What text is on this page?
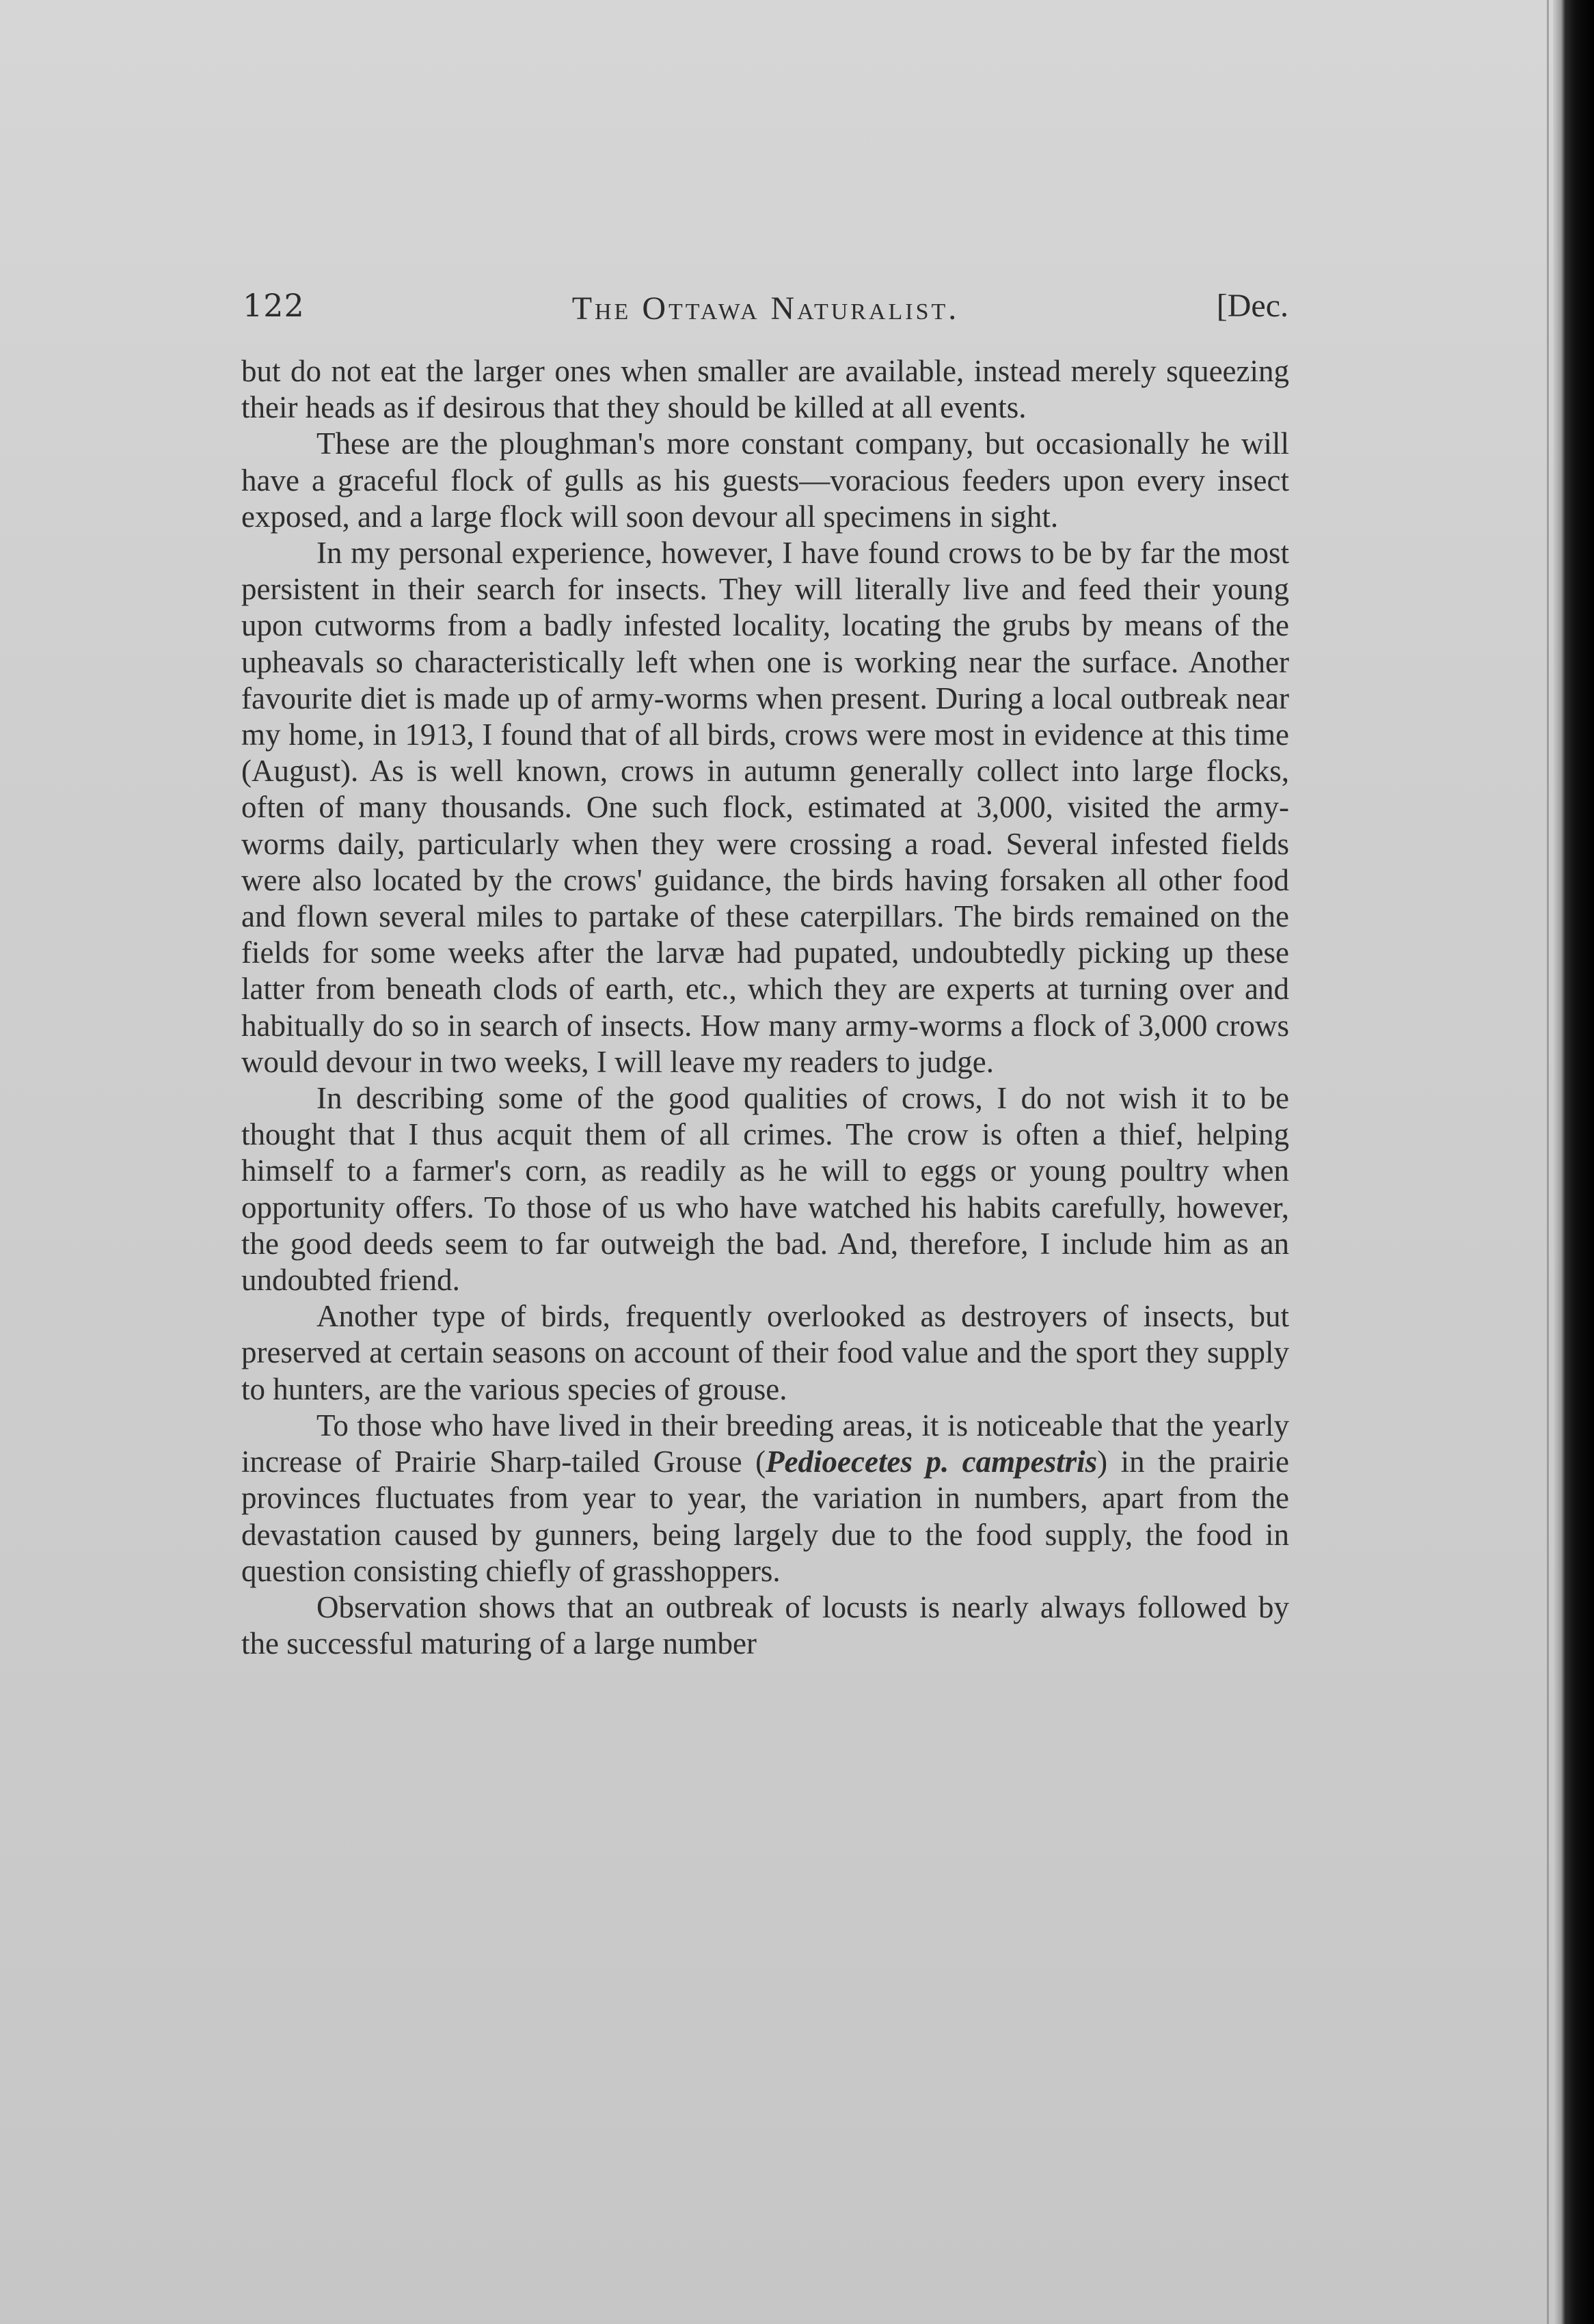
122	The Ottawa Naturalist.	[Dec.

but do not eat the larger ones when smaller are available, instead merely squeezing their heads as if desirous that they should be killed at all events.

These are the ploughman's more constant company, but occasionally he will have a graceful flock of gulls as his guests—voracious feeders upon every insect exposed, and a large flock will soon devour all specimens in sight.

In my personal experience, however, I have found crows to be by far the most persistent in their search for insects. They will literally live and feed their young upon cutworms from a badly infested locality, locating the grubs by means of the upheavals so characteristically left when one is working near the surface. Another favourite diet is made up of army-worms when present. During a local outbreak near my home, in 1913, I found that of all birds, crows were most in evidence at this time (August). As is well known, crows in autumn generally collect into large flocks, often of many thousands. One such flock, estimated at 3,000, visited the army-worms daily, particularly when they were crossing a road. Several infested fields were also located by the crows' guidance, the birds having forsaken all other food and flown several miles to partake of these caterpillars. The birds remained on the fields for some weeks after the larvæ had pupated, undoubtedly picking up these latter from beneath clods of earth, etc., which they are experts at turning over and habitually do so in search of insects. How many army-worms a flock of 3,000 crows would devour in two weeks, I will leave my readers to judge.

In describing some of the good qualities of crows, I do not wish it to be thought that I thus acquit them of all crimes. The crow is often a thief, helping himself to a farmer's corn, as readily as he will to eggs or young poultry when opportunity offers. To those of us who have watched his habits carefully, however, the good deeds seem to far outweigh the bad. And, therefore, I include him as an undoubted friend.

Another type of birds, frequently overlooked as destroyers of insects, but preserved at certain seasons on account of their food value and the sport they supply to hunters, are the various species of grouse.

To those who have lived in their breeding areas, it is noticeable that the yearly increase of Prairie Sharp-tailed Grouse (Pedioecetes p. campestris) in the prairie provinces fluctuates from year to year, the variation in numbers, apart from the devastation caused by gunners, being largely due to the food supply, the food in question consisting chiefly of grasshoppers.

Observation shows that an outbreak of locusts is nearly always followed by the successful maturing of a large number
